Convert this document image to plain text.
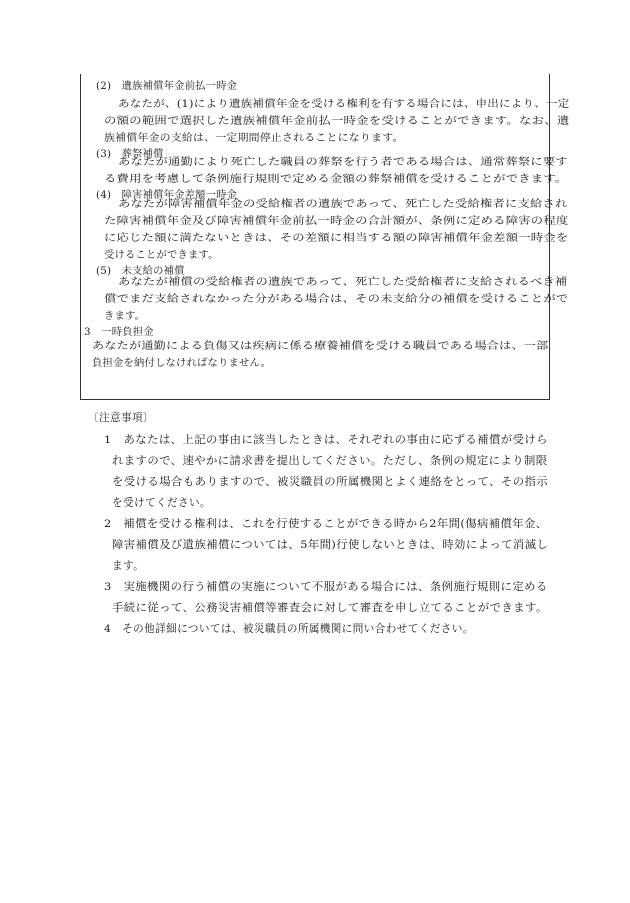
(2)　遺族補償年金前払一時金
あなたが、(1)により遺族補償年金を受ける権利を有する場合には、申出により、一定
の額の範囲で選択した遺族補償年金前払一時金を受けることができます。なお、遺
族補償年金の支給は、一定期間停止されることになります。
(3)　葬祭補償
あなたが通勤により死亡した職員の葬祭を行う者である場合は、通常葬祭に要す
る費用を考慮して条例施行規則で定める金額の葬祭補償を受けることができます。
(4)　障害補償年金差額一時金
あなたが障害補償年金の受給権者の遺族であって、死亡した受給権者に支給され
た障害補償年金及び障害補償年金前払一時金の合計額が、条例に定める障害の程度
に応じた額に満たないときは、その差額に相当する額の障害補償年金差額一時金を
受けることができます。
(5)　未支給の補償
あなたが補償の受給権者の遺族であって、死亡した受給権者に支給されるべき補
償でまだ支給されなかった分がある場合は、その未支給分の補償を受けることがで
きます。
3　一時負担金
あなたが通勤による負傷又は疾病に係る療養補償を受ける職員である場合は、一部
負担金を納付しなければなりません。
〔注意事項〕
1　あなたは、上記の事由に該当したときは、それぞれの事由に応ずる補償が受けら
れますので、速やかに請求書を提出してください。ただし、条例の規定により制限
を受ける場合もありますので、被災職員の所属機関とよく連絡をとって、その指示
を受けてください。
2　補償を受ける権利は、これを行使することができる時から2年間(傷病補償年金、
障害補償及び遺族補償については、5年間)行使しないときは、時効によって消滅し
ます。
3　実施機関の行う補償の実施について不服がある場合には、条例施行規則に定める
手続に従って、公務災害補償等審査会に対して審査を申し立てることができます。
4　その他詳細については、被災職員の所属機関に問い合わせてください。
